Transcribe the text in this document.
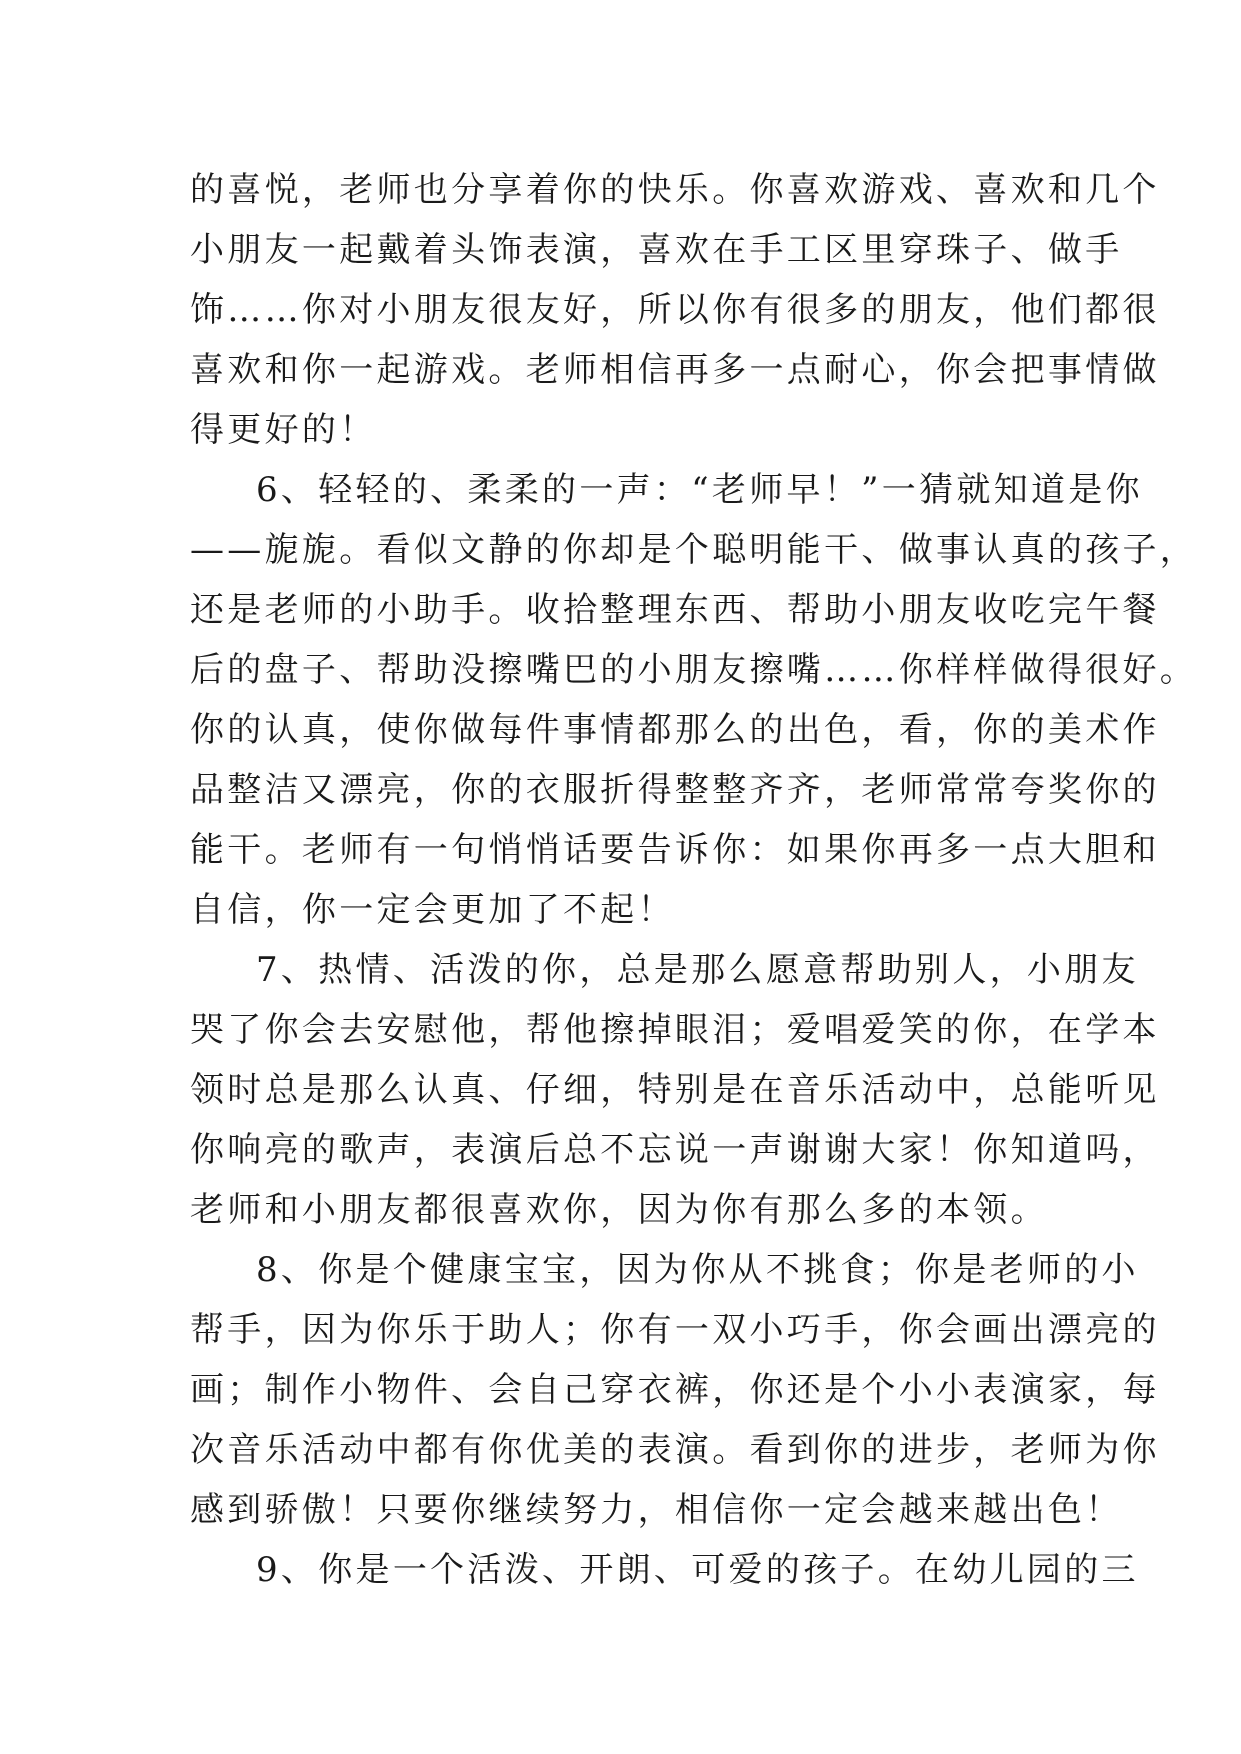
的喜悦，老师也分享着你的快乐。你喜欢游戏、喜欢和几个
小朋友一起戴着头饰表演，喜欢在手工区里穿珠子、做手
饰……你对小朋友很友好，所以你有很多的朋友，他们都很
喜欢和你一起游戏。老师相信再多一点耐心，你会把事情做
得更好的！
6、轻轻的、柔柔的一声：“老师早！”一猜就知道是你
——旎旎。看似文静的你却是个聪明能干、做事认真的孩子，
还是老师的小助手。收拾整理东西、帮助小朋友收吃完午餐
后的盘子、帮助没擦嘴巴的小朋友擦嘴……你样样做得很好。
你的认真，使你做每件事情都那么的出色，看，你的美术作
品整洁又漂亮，你的衣服折得整整齐齐，老师常常夸奖你的
能干。老师有一句悄悄话要告诉你：如果你再多一点大胆和
自信，你一定会更加了不起！
7、热情、活泼的你，总是那么愿意帮助别人，小朋友
哭了你会去安慰他，帮他擦掉眼泪；爱唱爱笑的你，在学本
领时总是那么认真、仔细，特别是在音乐活动中，总能听见
你响亮的歌声，表演后总不忘说一声谢谢大家！你知道吗，
老师和小朋友都很喜欢你，因为你有那么多的本领。
8、你是个健康宝宝，因为你从不挑食；你是老师的小
帮手，因为你乐于助人；你有一双小巧手，你会画出漂亮的
画；制作小物件、会自己穿衣裤，你还是个小小表演家，每
次音乐活动中都有你优美的表演。看到你的进步，老师为你
感到骄傲！只要你继续努力，相信你一定会越来越出色！
9、你是一个活泼、开朗、可爱的孩子。在幼儿园的三
